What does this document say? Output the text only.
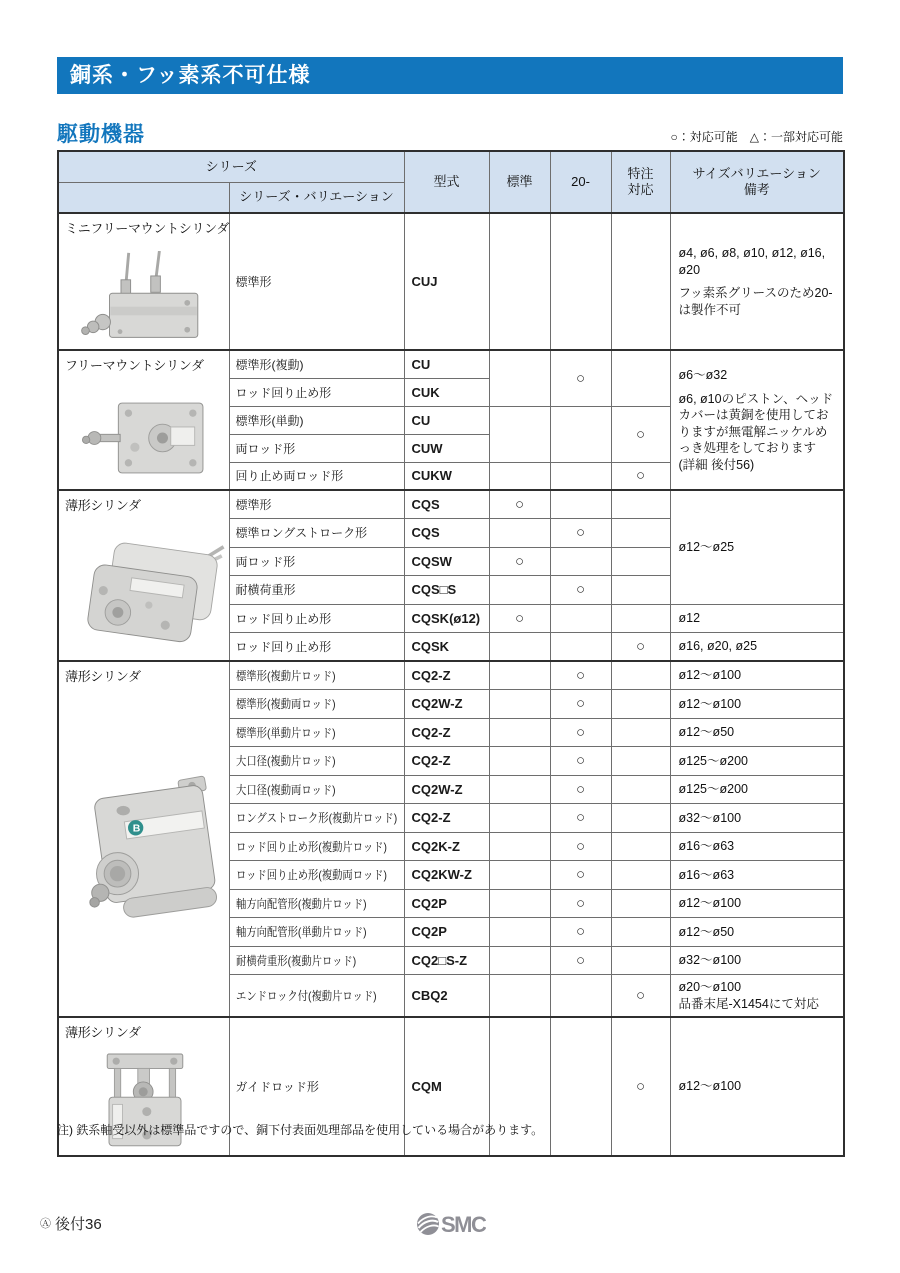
銅系・フッ素系不可仕様
駆動機器	○：対応可能　△：一部対応可能
シリーズ	型式	標準	20-	
特注
対応

サイズバリエーション
備考

	シリーズ・バリエーション					

ミニフリーマウントシリンダ	標準形	CUJ				ø4, ø6, ø8, ø10, ø12, ø16, ø20
フッ素系グリースのため20-は製作不可

フリーマウントシリンダ	標準形(複動)	CU		○		ø6～ø32
ø6, ø10のピストン、ヘッドカバーは黄銅を使用しておりますが無電解ニッケルめっき処理をしております
(詳細 後付56)

	ロッド回り止め形	CUK				
	標準形(単動)	CU			○	
	両ロッド形	CUW				
	回り止め両ロッド形	CUKW			○	

薄形シリンダ	標準形	CQS	○			ø12～ø25
	標準ロングストローク形	CQS		○		
	両ロッド形	CQSW	○			
	耐横荷重形	CQS□S		○		
	ロッド回り止め形	CQSK(ø12)	○			ø12
	ロッド回り止め形	CQSK			○	ø16, ø20, ø25

薄形シリンダ
B	標準形(複動片ロッド)	CQ2-Z		○		ø12～ø100
	標準形(複動両ロッド)	CQ2W-Z		○		ø12～ø100
	標準形(単動片ロッド)	CQ2-Z		○		ø12～ø50
	大口径(複動片ロッド)	CQ2-Z		○		ø125～ø200
	大口径(複動両ロッド)	CQ2W-Z		○		ø125～ø200
	ロングストローク形(複動片ロッド)	CQ2-Z		○		ø32～ø100
	ロッド回り止め形(複動片ロッド)	CQ2K-Z		○		ø16～ø63
	ロッド回り止め形(複動両ロッド)	CQ2KW-Z		○		ø16～ø63
	軸方向配管形(複動片ロッド)	CQ2P		○		ø12～ø100
	軸方向配管形(単動片ロッド)	CQ2P		○		ø12～ø50
	耐横荷重形(複動片ロッド)	CQ2□S-Z		○		ø32～ø100
	エンドロック付(複動片ロッド)	CBQ2			○	ø20～ø100
品番末尾-X1454にて対応

薄形シリンダ	ガイドロッド形	CQM			○	ø12～ø100
注) 鉄系軸受以外は標準品ですので、銅下付表面処理部品を使用している場合があります。
Ⓐ 後付36	SMC
